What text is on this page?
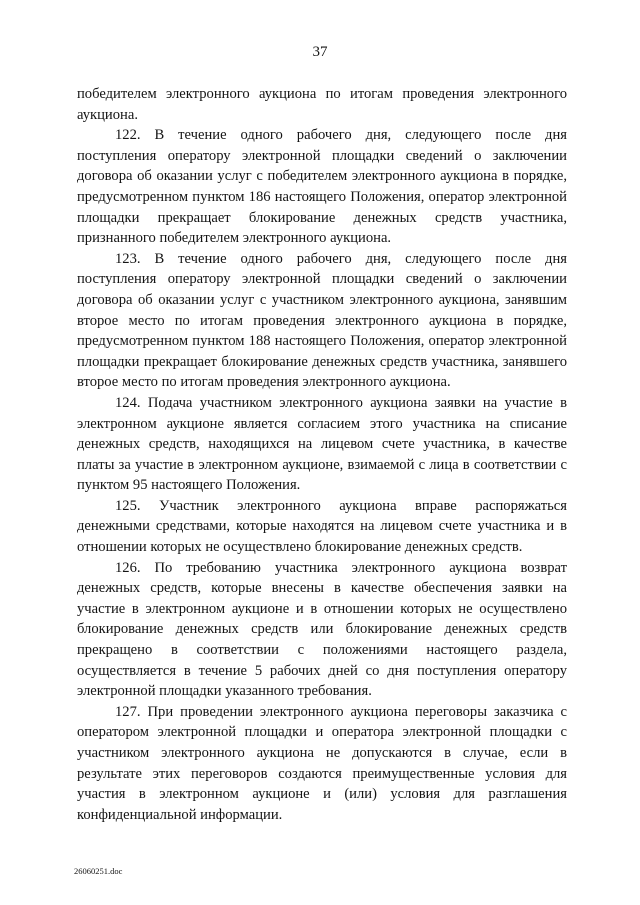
37

победителем электронного аукциона по итогам проведения электронного аукциона.

122. В течение одного рабочего дня, следующего после дня поступления оператору электронной площадки сведений о заключении договора об оказании услуг с победителем электронного аукциона в порядке, предусмотренном пунктом 186 настоящего Положения, оператор электронной площадки прекращает блокирование денежных средств участника, признанного победителем электронного аукциона.

123. В течение одного рабочего дня, следующего после дня поступления оператору электронной площадки сведений о заключении договора об оказании услуг с участником электронного аукциона, занявшим второе место по итогам проведения электронного аукциона в порядке, предусмотренном пунктом 188 настоящего Положения, оператор электронной площадки прекращает блокирование денежных средств участника, занявшего второе место по итогам проведения электронного аукциона.

124. Подача участником электронного аукциона заявки на участие в электронном аукционе является согласием этого участника на списание денежных средств, находящихся на лицевом счете участника, в качестве платы за участие в электронном аукционе, взимаемой с лица в соответствии с пунктом 95 настоящего Положения.

125. Участник электронного аукциона вправе распоряжаться денежными средствами, которые находятся на лицевом счете участника и в отношении которых не осуществлено блокирование денежных средств.

126. По требованию участника электронного аукциона возврат денежных средств, которые внесены в качестве обеспечения заявки на участие в электронном аукционе и в отношении которых не осуществлено блокирование денежных средств или блокирование денежных средств прекращено в соответствии с положениями настоящего раздела, осуществляется в течение 5 рабочих дней со дня поступления оператору электронной площадки указанного требования.

127. При проведении электронного аукциона переговоры заказчика с оператором электронной площадки и оператора электронной площадки с участником электронного аукциона не допускаются в случае, если в результате этих переговоров создаются преимущественные условия для участия в электронном аукционе и (или) условия для разглашения конфиденциальной информации.

26060251.doc
